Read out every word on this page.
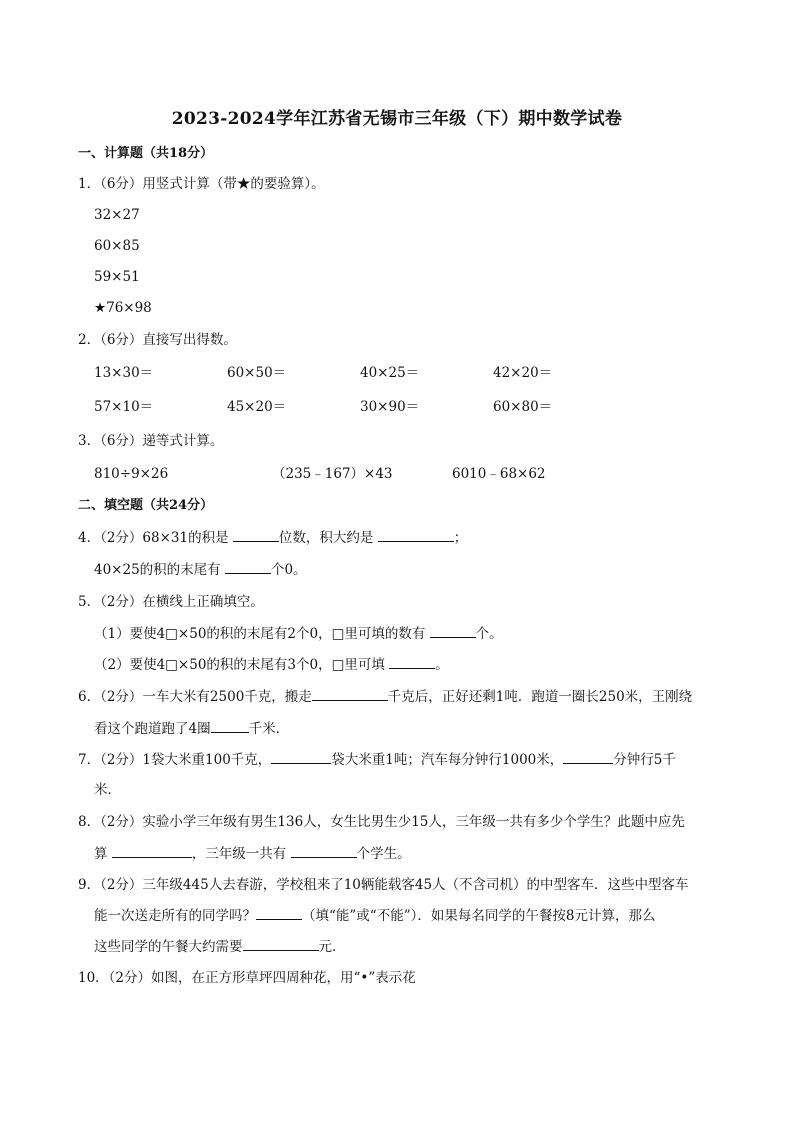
2023-2024学年江苏省无锡市三年级（下）期中数学试卷
一、计算题（共18分）
1．（6分）用竖式计算（带★的要验算）。
32×27
60×85
59×51
★76×98
2．（6分）直接写出得数。
13×30＝	60×50＝	40×25＝	42×20＝
57×10＝	45×20＝	30×90＝	60×80＝
3．（6分）递等式计算。
810÷9×26	（235﹣167）×43	6010﹣68×62
二、填空题（共24分）
4．（2分）68×31的积是	位数，积大约是	；
40×25的积的末尾有	个0。
5．（2分）在横线上正确填空。
（1）要使4□×50的积的末尾有2个0，□里可填的数有	个。
（2）要使4□×50的积的末尾有3个0，□里可填	。
6．（2分）一车大米有2500千克，搬走	千克后，正好还剩1吨．跑道一圈长250米，王刚绕
看这个跑道跑了4圈	千米．
7．（2分）1袋大米重100千克，	袋大米重1吨；汽车每分钟行1000米，	分钟行5千
米．
8．（2分）实验小学三年级有男生136人，女生比男生少15人，三年级一共有多少个学生？此题中应先
算	，三年级一共有	个学生。
9．（2分）三年级445人去春游，学校租来了10辆能载客45人（不含司机）的中型客车．这些中型客车
能一次送走所有的同学吗？	（填“能”或“不能”）．如果每名同学的午餐按8元计算，那么
这些同学的午餐大约需要	元．
10．（2分）如图，在正方形草坪四周种花，用“•”表示花
